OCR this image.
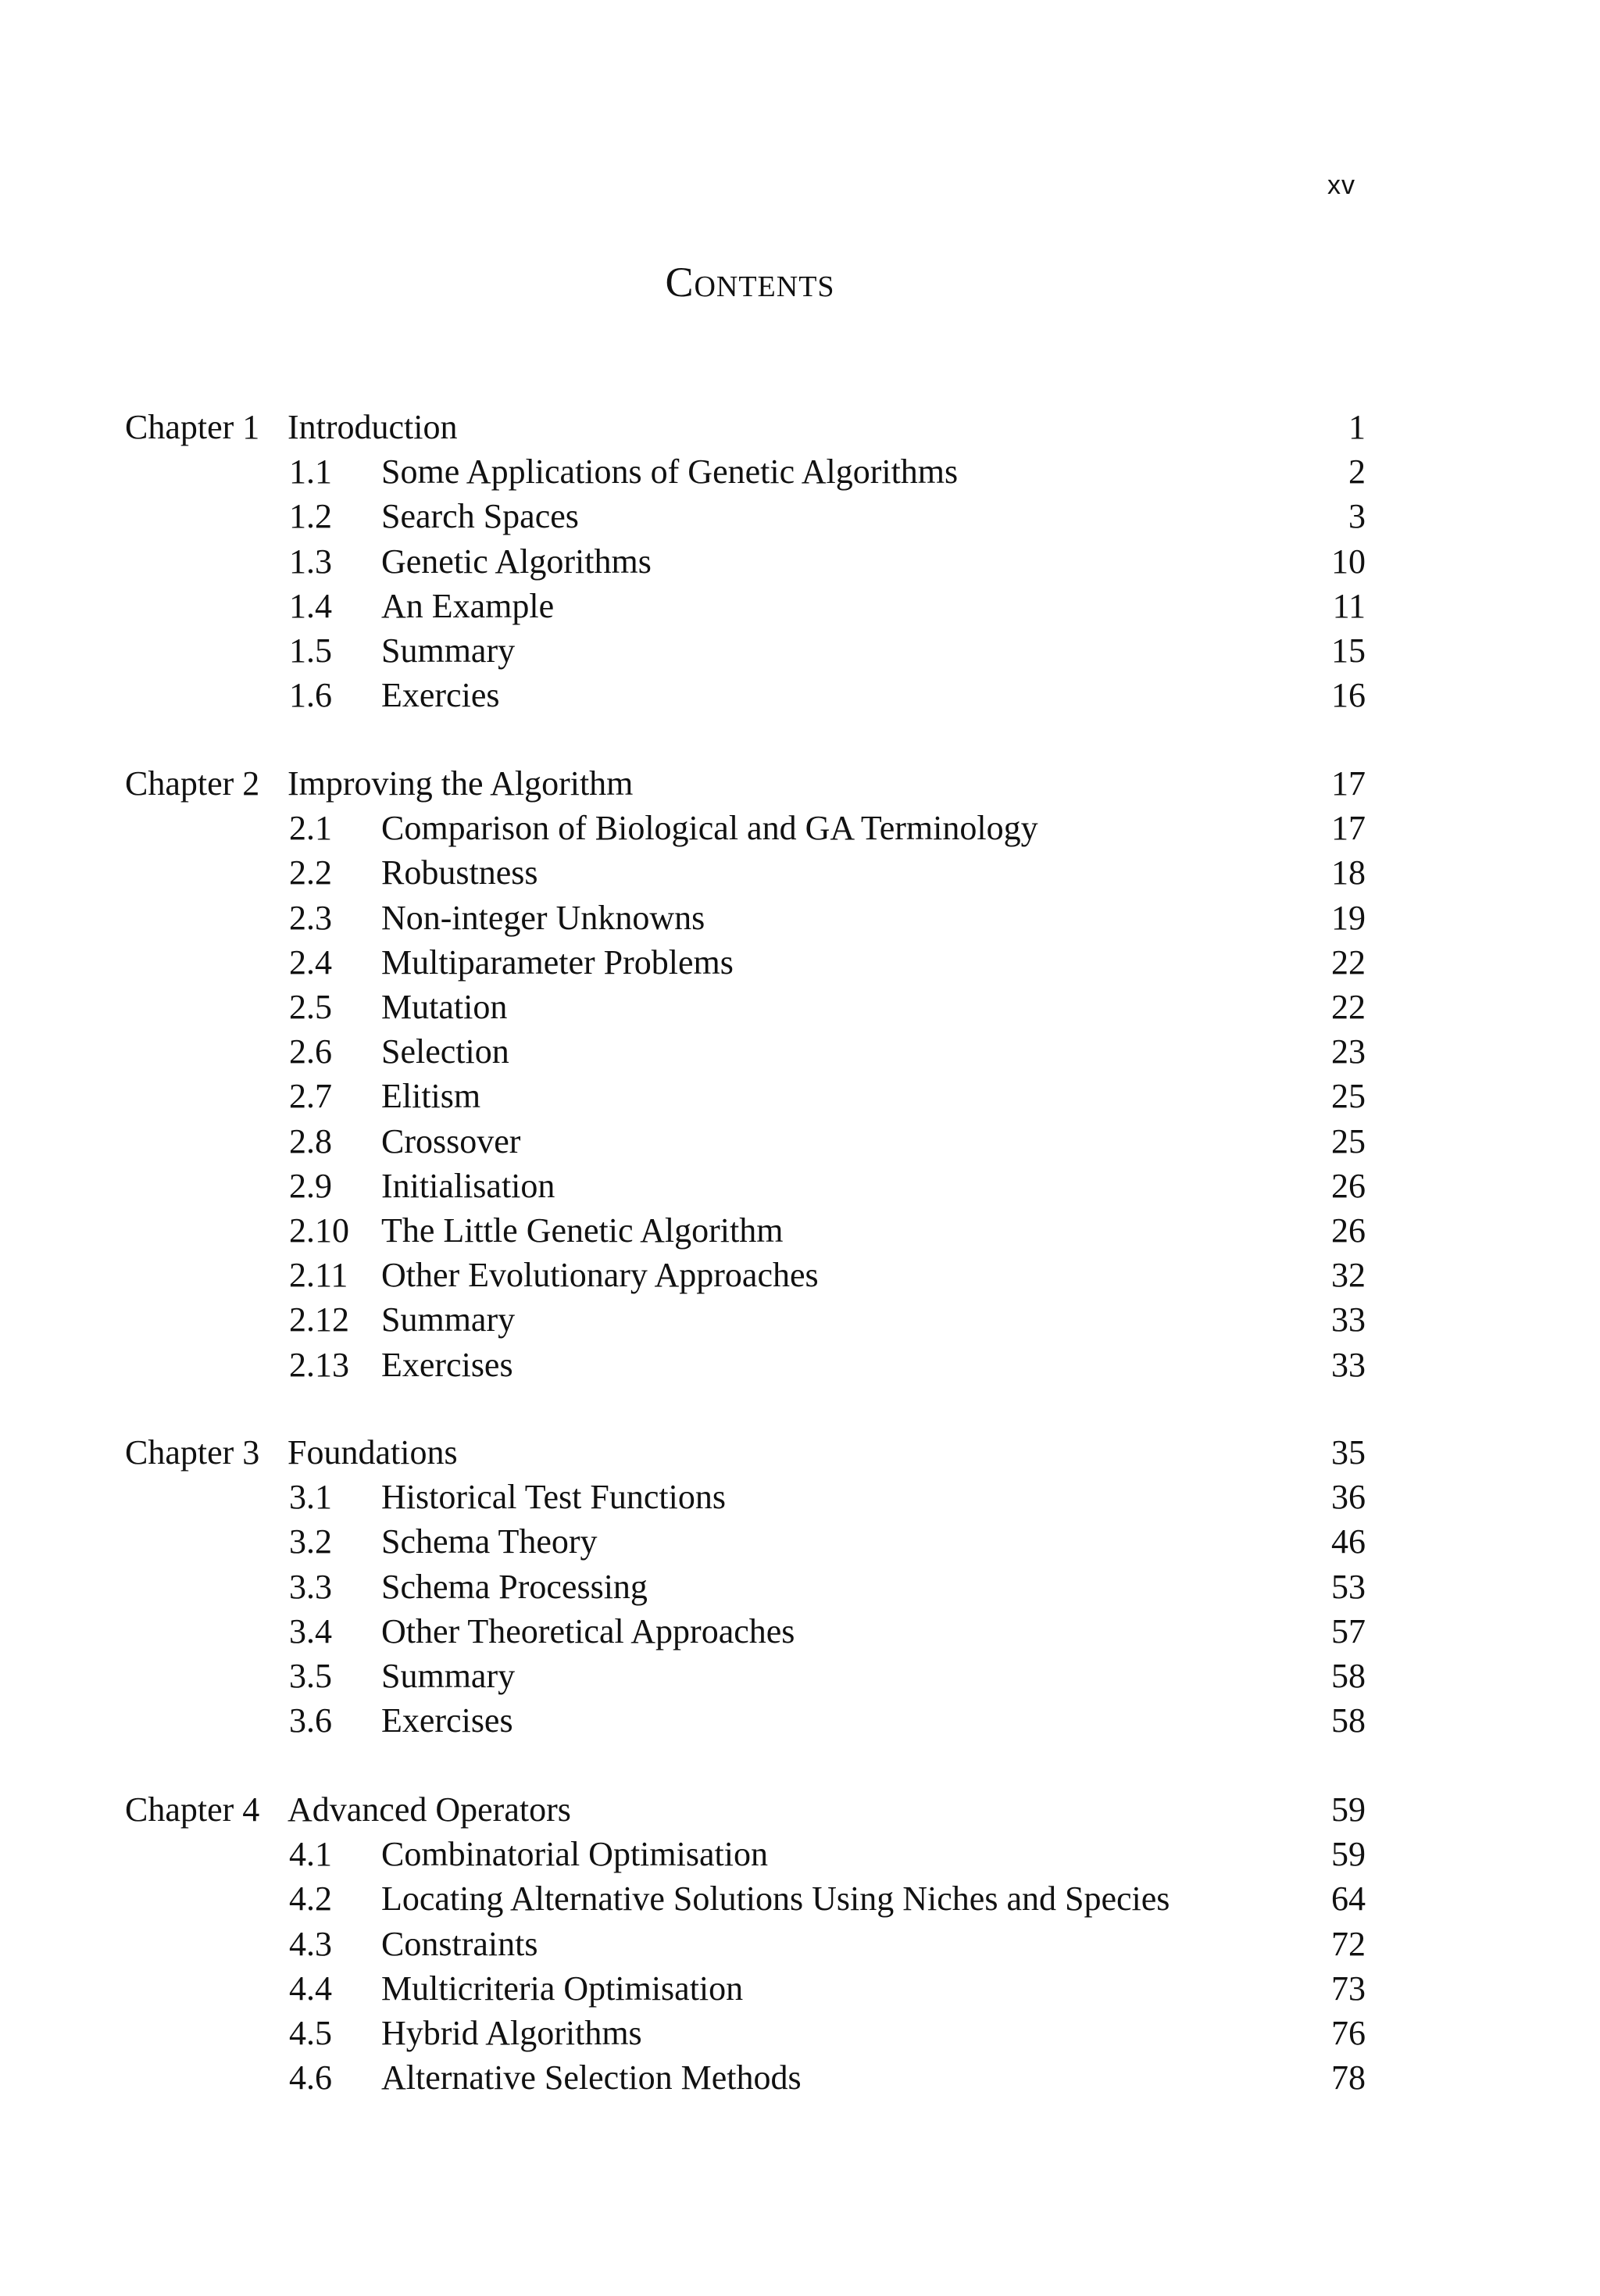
xv
Contents
Chapter 1 Introduction	1
1.1 Some Applications of Genetic Algorithms	2
1.2 Search Spaces	3
1.3 Genetic Algorithms	10
1.4 An Example	11
1.5 Summary	15
1.6 Exercies	16
Chapter 2 Improving the Algorithm	17
2.1 Comparison of Biological and GA Terminology	17
2.2 Robustness	18
2.3 Non-integer Unknowns	19
2.4 Multiparameter Problems	22
2.5 Mutation	22
2.6 Selection	23
2.7 Elitism	25
2.8 Crossover	25
2.9 Initialisation	26
2.10 The Little Genetic Algorithm	26
2.11 Other Evolutionary Approaches	32
2.12 Summary	33
2.13 Exercises	33
Chapter 3 Foundations	35
3.1 Historical Test Functions	36
3.2 Schema Theory	46
3.3 Schema Processing	53
3.4 Other Theoretical Approaches	57
3.5 Summary	58
3.6 Exercises	58
Chapter 4 Advanced Operators	59
4.1 Combinatorial Optimisation	59
4.2 Locating Alternative Solutions Using Niches and Species	64
4.3 Constraints	72
4.4 Multicriteria Optimisation	73
4.5 Hybrid Algorithms	76
4.6 Alternative Selection Methods	78
